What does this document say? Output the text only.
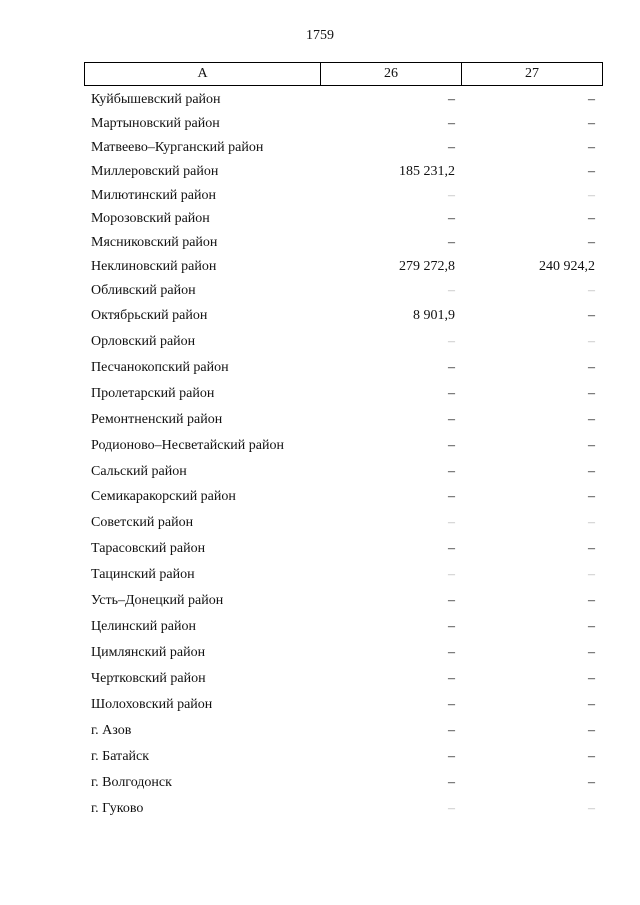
1759
А	26	27
Куйбышевский район	–	–
Мартыновский район	–	–
Матвеево–Курганский район	–	–
Миллеровский район	185 231,2	–
Милютинский район	–	–
Морозовский район	–	–
Мясниковский район	–	–
Неклиновский район	279 272,8	240 924,2
Обливский район	–	–
Октябрьский район	8 901,9	–
Орловский район	–	–
Песчанокопский район	–	–
Пролетарский район	–	–
Ремонтненский район	–	–
Родионово–Несветайский район	–	–
Сальский район	–	–
Семикаракорский район	–	–
Советский район	–	–
Тарасовский район	–	–
Тацинский район	–	–
Усть–Донецкий район	–	–
Целинский район	–	–
Цимлянский район	–	–
Чертковский район	–	–
Шолоховский район	–	–
г. Азов	–	–
г. Батайск	–	–
г. Волгодонск	–	–
г. Гуково	–	–
